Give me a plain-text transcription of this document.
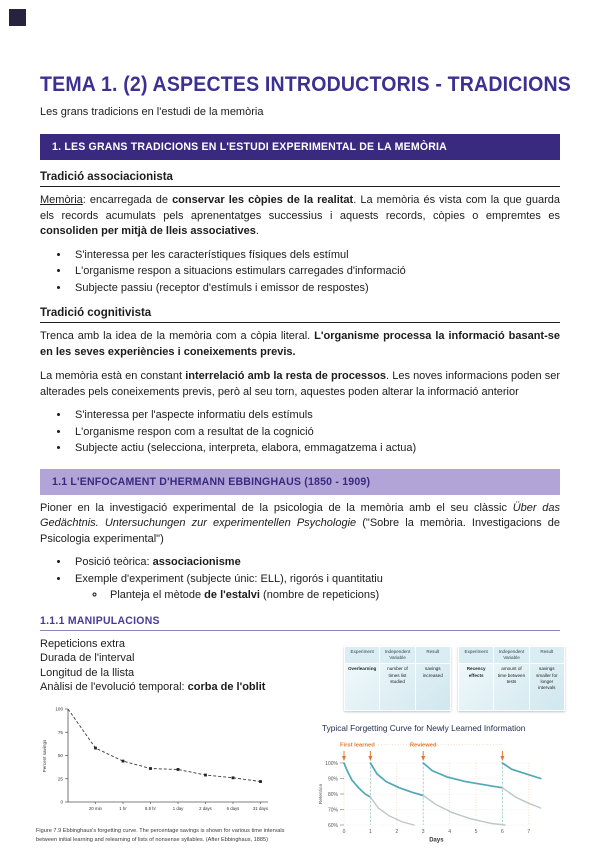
TEMA 1. (2) ASPECTES INTRODUCTORIS - TRADICIONS
Les grans tradicions en l'estudi de la memòria
1. LES GRANS TRADICIONS EN L'ESTUDI EXPERIMENTAL DE LA MEMÒRIA
Tradició associacionista

Memòria: encarregada de conservar les còpies de la realitat. La memòria és vista com la que guarda els records acumulats pels aprenentatges successius i aquests records, còpies o empremtes es consoliden per mitjà de lleis associatives.

• S'interessa per les característiques físiques dels estímul
• L'organisme respon a situacions estimulars carregades d'informació
• Subjecte passiu (receptor d'estímuls i emissor de respostes)
Tradició cognitivista

Trenca amb la idea de la memòria com a còpia literal. L'organisme processa la informació basant-se en les seves experiències i coneixements previs.

La memòria està en constant interrelació amb la resta de processos. Les noves informacions poden ser alterades pels coneixements previs, però al seu torn, aquestes poden alterar la informació anterior

• S'interessa per l'aspecte informatiu dels estímuls
• L'organisme respon com a resultat de la cognició
• Subjecte actiu (selecciona, interpreta, elabora, emmagatzema i actua)
1.1 L'ENFOCAMENT D'HERMANN EBBINGHAUS (1850 - 1909)

Pioner en la investigació experimental de la psicologia de la memòria amb el seu clàssic Über das Gedächtnis. Untersuchungen zur experimentellen Psychologie ("Sobre la memòria. Investigacions de Psicologia experimental")

• Posició teòrica: associacionisme
• Exemple d'experiment (subjecte únic: ELL), rigorós i quantitatiu
◦ Planteja el mètode de l'estalvi (nombre de repeticions)
1.1.1 MANIPULACIONS
Repeticions extra
Durada de l'interval
Longitud de la llista
Anàlisi de l'evolució temporal: corba de l'oblit
Experiment	Independent Variable	Result
Overlearning	number of times list studied	savings increased
Experiment	Independent Variable	Result
Recency effects	amount of time between tests	savings smaller for longer intervals
0
25
50
75
100
20 min	1 hr	8.8 hr	1 day	2 days	6 days	31 days
Percent savings
Figure 7.9 Ebbinghaus's forgetting curve. The percentage savings is shown for various time intervals between initial learning and relearning of lists of nonsense syllables. (After Ebbinghaus, 1885)
Typical Forgetting Curve for Newly Learned Information
100%
90%
80%
70%
60%
0	1	2	3	4	5	6	7
Days
Retention
First learned	Reviewed
